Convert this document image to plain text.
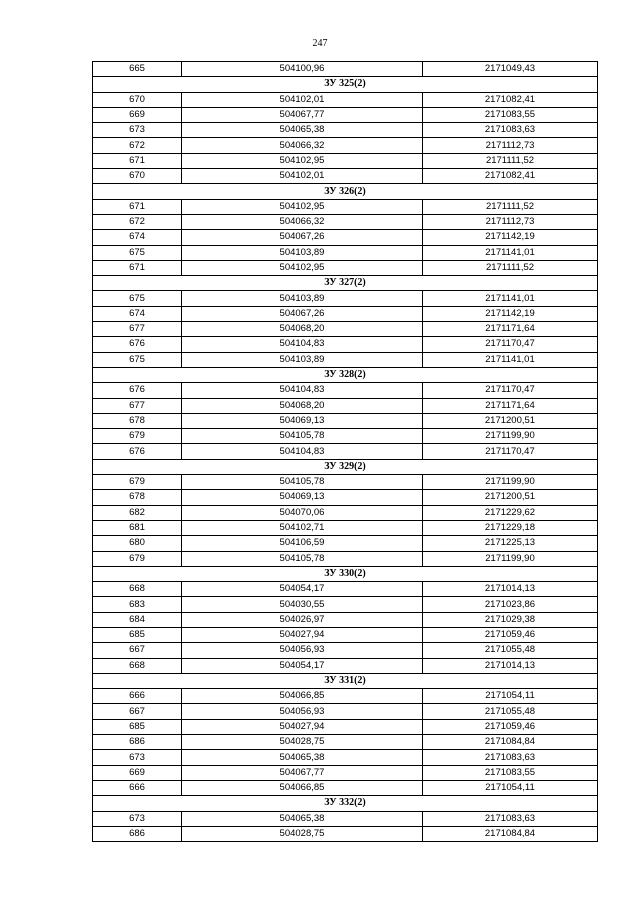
247
665	504100,96	2171049,43
ЗУ 325(2)		
670	504102,01	2171082,41
669	504067,77	2171083,55
673	504065,38	2171083,63
672	504066,32	2171112,73
671	504102,95	2171111,52
670	504102,01	2171082,41
ЗУ 326(2)		
671	504102,95	2171111,52
672	504066,32	2171112,73
674	504067,26	2171142,19
675	504103,89	2171141,01
671	504102,95	2171111,52
ЗУ 327(2)		
675	504103,89	2171141,01
674	504067,26	2171142,19
677	504068,20	2171171,64
676	504104,83	2171170,47
675	504103,89	2171141,01
ЗУ 328(2)		
676	504104,83	2171170,47
677	504068,20	2171171,64
678	504069,13	2171200,51
679	504105,78	2171199,90
676	504104,83	2171170,47
ЗУ 329(2)		
679	504105,78	2171199,90
678	504069,13	2171200,51
682	504070,06	2171229,62
681	504102,71	2171229,18
680	504106,59	2171225,13
679	504105,78	2171199,90
ЗУ 330(2)		
668	504054,17	2171014,13
683	504030,55	2171023,86
684	504026,97	2171029,38
685	504027,94	2171059,46
667	504056,93	2171055,48
668	504054,17	2171014,13
ЗУ 331(2)		
666	504066,85	2171054,11
667	504056,93	2171055,48
685	504027,94	2171059,46
686	504028,75	2171084,84
673	504065,38	2171083,63
669	504067,77	2171083,55
666	504066,85	2171054,11
ЗУ 332(2)		
673	504065,38	2171083,63
686	504028,75	2171084,84
